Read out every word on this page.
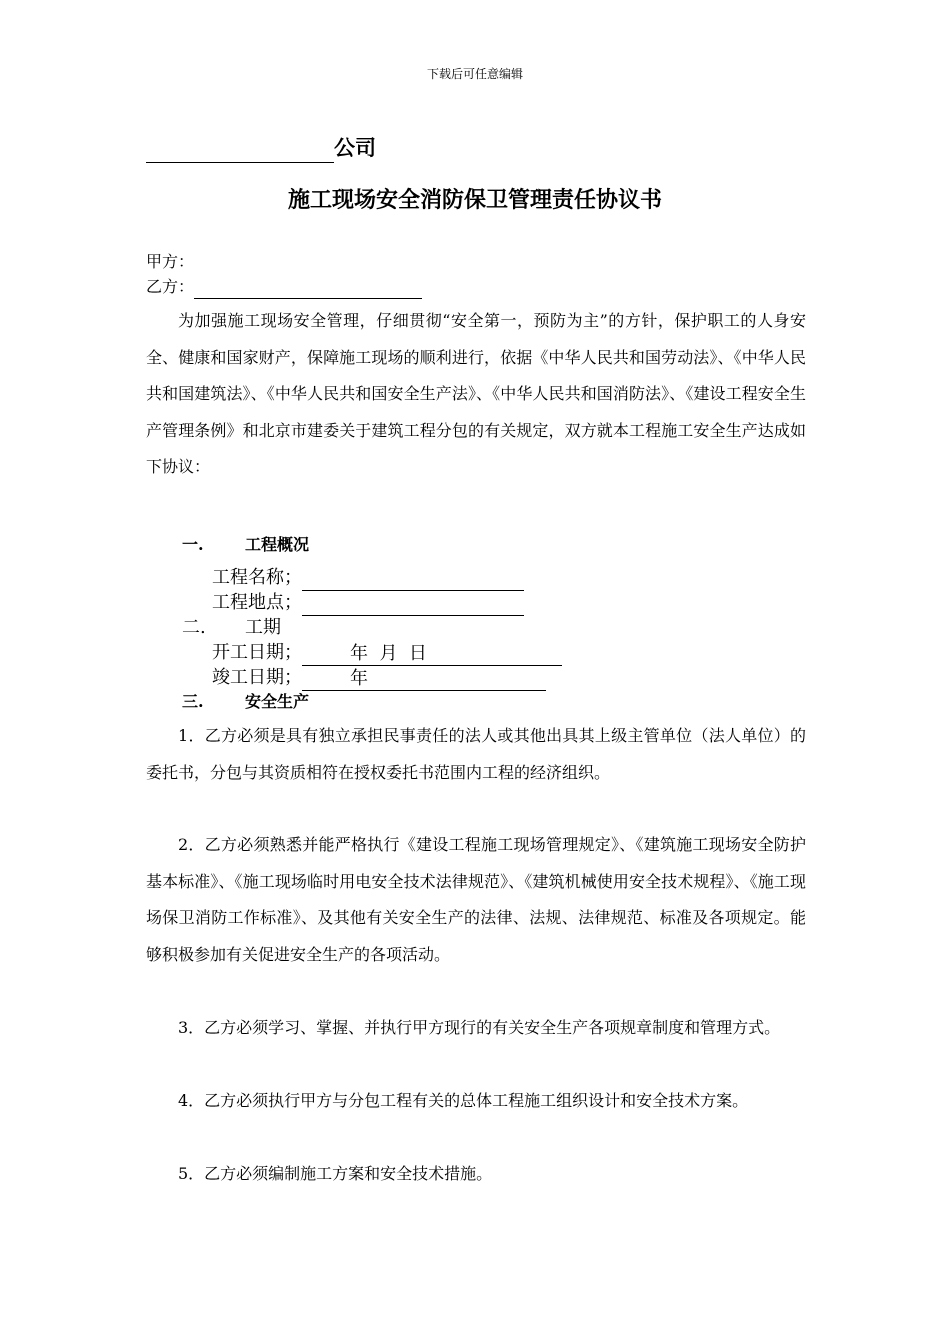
下载后可任意编辑
公司
施工现场安全消防保卫管理责任协议书
甲方：
乙方：

为加强施工现场安全管理，仔细贯彻“安全第一，预防为主”的方针，保护职工的人身安全、健康和国家财产，保障施工现场的顺利进行，依据《中华人民共和国劳动法》、《中华人民共和国建筑法》、《中华人民共和国安全生产法》、《中华人民共和国消防法》、《建设工程安全生产管理条例》和北京市建委关于建筑工程分包的有关规定，双方就本工程施工安全生产达成如下协议：

一.	工程概况
工程名称；
工程地点；
二. 工期
开工日期；	年  月  日
竣工日期；	年
三.	安全生产

1．乙方必须是具有独立承担民事责任的法人或其他出具其上级主管单位（法人单位）的委托书，分包与其资质相符在授权委托书范围内工程的经济组织。

2．乙方必须熟悉并能严格执行《建设工程施工现场管理规定》、《建筑施工现场安全防护基本标准》、《施工现场临时用电安全技术法律规范》、《建筑机械使用安全技术规程》、《施工现场保卫消防工作标准》、及其他有关安全生产的法律、法规、法律规范、标准及各项规定。能够积极参加有关促进安全生产的各项活动。

3．乙方必须学习、掌握、并执行甲方现行的有关安全生产各项规章制度和管理方式。

4．乙方必须执行甲方与分包工程有关的总体工程施工组织设计和安全技术方案。

5．乙方必须编制施工方案和安全技术措施。
